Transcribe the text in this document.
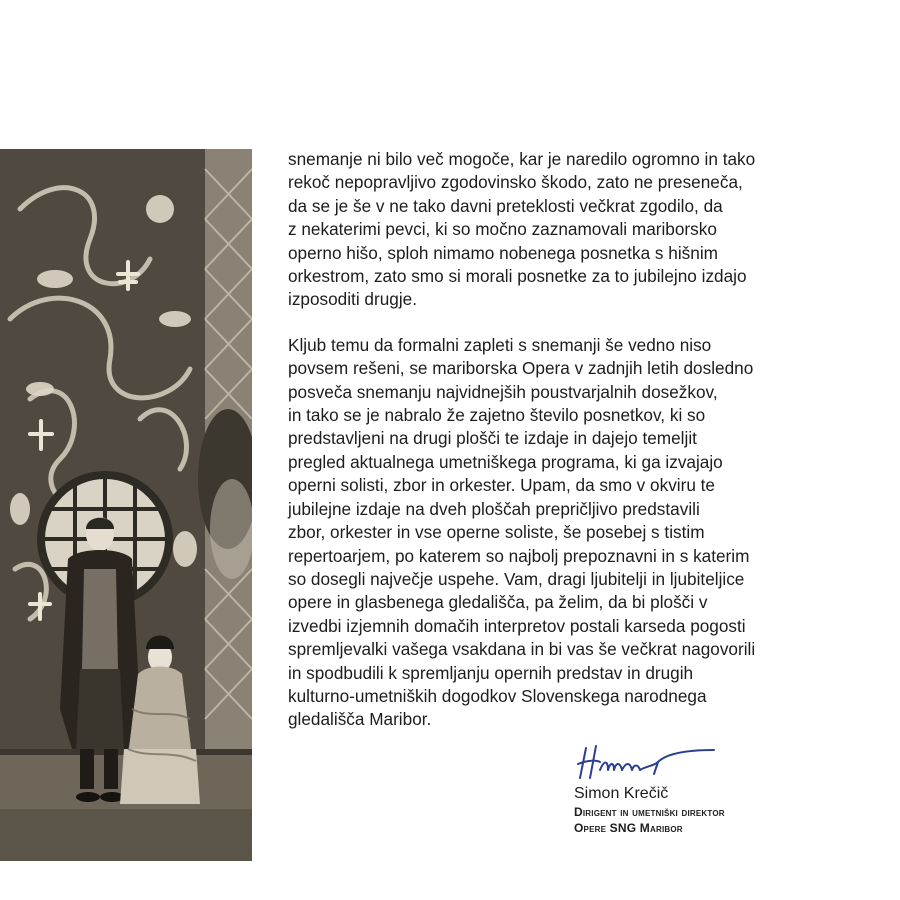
snemanje ni bilo več mogoče, kar je naredilo ogromno in tako
rekoč nepopravljivo zgodovinsko škodo, zato ne preseneča,
da se je še v ne tako davni preteklosti večkrat zgodilo, da
z nekaterimi pevci, ki so močno zaznamovali mariborsko
operno hišo, sploh nimamo nobenega posnetka s hišnim
orkestrom, zato smo si morali posnetke za to jubilejno izdajo
izposoditi drugje.

Kljub temu da formalni zapleti s snemanji še vedno niso
povsem rešeni, se mariborska Opera v zadnjih letih dosledno
posveča snemanju najvidnejših poustvarjalnih dosežkov,
in tako se je nabralo že zajetno število posnetkov, ki so
predstavljeni na drugi plošči te izdaje in dajejo temeljit
pregled aktualnega umetniškega programa, ki ga izvajajo
operni solisti, zbor in orkester. Upam, da smo v okviru te
jubilejne izdaje na dveh ploščah prepričljivo predstavili
zbor, orkester in vse operne soliste, še posebej s tistim
repertoarjem, po katerem so najbolj prepoznavni in s katerim
so dosegli največje uspehe. Vam, dragi ljubitelji in ljubiteljice
opere in glasbenega gledališča, pa želim, da bi plošči v
izvedbi izjemnih domačih interpretov postali karseda pogosti
spremljevalki vašega vsakdana in bi vas še večkrat nagovorili
in spodbudili k spremljanju opernih predstav in drugih
kulturno-umetniških dogodkov Slovenskega narodnega
gledališča Maribor.

Simon Krečič
Dirigent in umetniški direktor
Opere SNG Maribor
